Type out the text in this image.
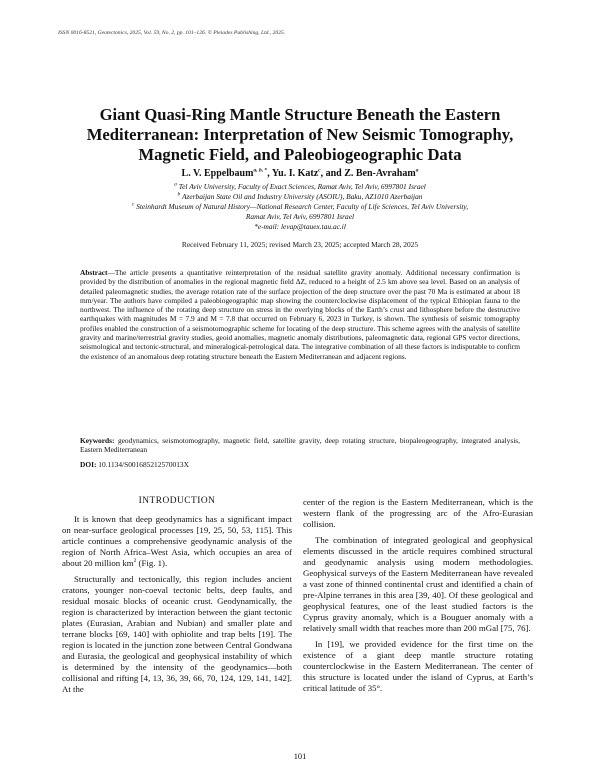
ISSN 0016-8521, Geotectonics, 2025, Vol. 59, No. 2, pp. 101–126. © Pleiades Publishing, Ltd., 2025.
Giant Quasi-Ring Mantle Structure Beneath the Eastern
Mediterranean: Interpretation of New Seismic Tomography,
Magnetic Field, and Paleobiogeographic Data
L. V. Eppelbaum$^{a, b, *}$, Yu. I. Katz$^c$, and Z. Ben-Avraham$^a$
$^a$ Tel Aviv University, Faculty of Exact Sciences, Ramat Aviv, Tel Aviv, 6997801 Israel
$^b$ Azerbaijan State Oil and Industry University (ASOIU), Baku, AZ1010 Azerbaijan
$^c$ Steinhardt Museum of Natural History—National Research Center, Faculty of Life Sciences, Tel Aviv University,
Ramat Aviv, Tel Aviv, 6997801 Israel
*e-mail: levap@tauex.tau.ac.il
Received February 11, 2025; revised March 23, 2025; accepted March 28, 2025
Abstract—The article presents a quantitative reinterpretation of the residual satellite gravity anomaly. Additional necessary confirmation is provided by the distribution of anomalies in the regional magnetic field ΔZ, reduced to a height of 2.5 km above sea level. Based on an analysis of detailed paleomagnetic studies, the average rotation rate of the surface projection of the deep structure over the past 70 Ma is estimated at about 18 mm/year. The authors have compiled a paleobiogeographic map showing the counterclockwise displacement of the typical Ethiopian fauna to the northwest. The influence of the rotating deep structure on stress in the overlying blocks of the Earth’s crust and lithosphere before the destructive earthquakes with magnitudes M = 7.9 and M = 7.8 that occurred on February 6, 2023 in Turkey, is shown. The synthesis of seismic tomography profiles enabled the construction of a seismotomographic scheme for locating of the deep structure. This scheme agrees with the analysis of satellite gravity and marine/terrestrial gravity studies, geoid anomalies, magnetic anomaly distributions, paleomagnetic data, regional GPS vector directions, seismological and tectonic-structural, and mineralogical-petrological data. The integrative combination of all these factors is indisputable to confirm the existence of an anomalous deep rotating structure beneath the Eastern Mediterranean and adjacent regions.
Keywords: geodynamics, seismotomography, magnetic field, satellite gravity, deep rotating structure, biopaleogeography, integrated analysis, Eastern Mediterranean
DOI: 10.1134/S001685212570013X
INTRODUCTION

It is known that deep geodynamics has a significant impact on near-surface geological processes [19, 25, 50, 53, 115]. This article continues a comprehensive geodynamic analysis of the region of North Africa–West Asia, which occupies an area of about 20 million $km^2$ (Fig. 1).

Structurally and tectonically, this region includes ancient cratons, younger non-coeval tectonic belts, deep faults, and residual mosaic blocks of oceanic crust. Geodynamically, the region is characterized by interaction between the giant tectonic plates (Eurasian, Arabian and Nubian) and smaller plate and terrane blocks [69, 140] with ophiolite and trap belts [19]. The region is located in the junction zone between Central Gondwana and Eurasia, the geological and geophysical instability of which is determined by the intensity of the geodynamics—both collisional and rifting [4, 13, 36, 39, 66, 70, 124, 129, 141, 142]. At the

center of the region is the Eastern Mediterranean, which is the western flank of the progressing arc of the Afro-Eurasian collision.

The combination of integrated geological and geophysical elements discussed in the article requires combined structural and geodynamic analysis using modern methodologies. Geophysical surveys of the Eastern Mediterranean have revealed a vast zone of thinned continental crust and identified a chain of pre-Alpine terranes in this area [39, 40]. Of these geological and geophysical features, one of the least studied factors is the Cyprus gravity anomaly, which is a Bouguer anomaly with a relatively small width that reaches more than 200 mGal [75, 76].

In [19], we provided evidence for the first time on the existence of a giant deep mantle structure rotating counterclockwise in the Eastern Mediterranean. The center of this structure is located under the island of Cyprus, at Earth’s critical latitude of 35°.

101
